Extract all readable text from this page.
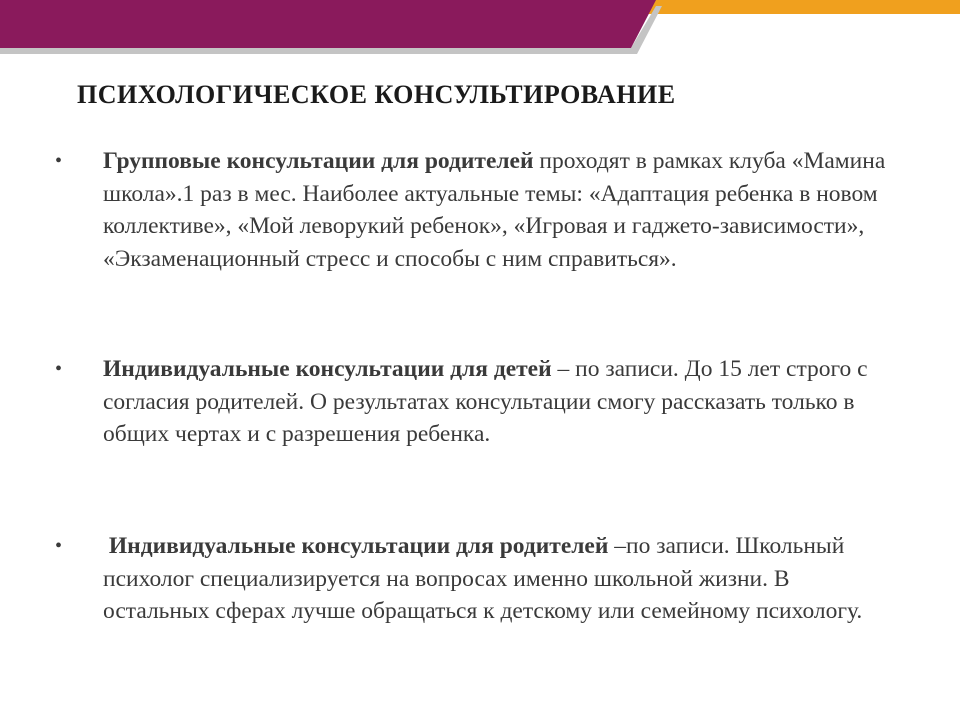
ПСИХОЛОГИЧЕСКОЕ КОНСУЛЬТИРОВАНИЕ
• Групповые консультации для родителей проходят в рамках клуба «Мамина школа».1 раз в мес. Наиболее актуальные темы: «Адаптация ребенка в новом коллективе», «Мой леворукий ребенок», «Игровая и гаджето-зависимости», «Экзаменационный стресс и способы с ним справиться».
• Индивидуальные консультации для детей – по записи. До 15 лет строго с согласия родителей. О результатах консультации смогу рассказать только в общих чертах и с разрешения ребенка.
• Индивидуальные консультации для родителей –по записи. Школьный психолог специализируется на вопросах именно школьной жизни. В остальных сферах лучше обращаться к детскому или семейному психологу.
